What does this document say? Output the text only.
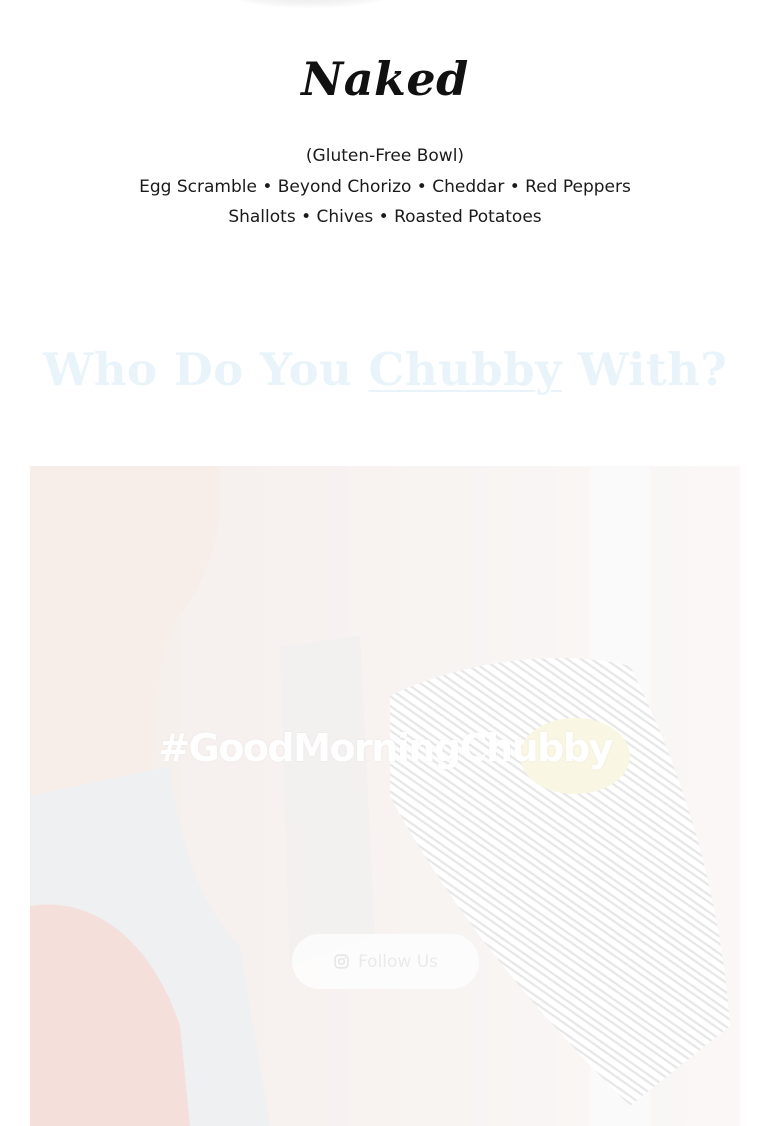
Naked
(Gluten-Free Bowl)
Egg Scramble • Beyond Chorizo • Cheddar • Red Peppers
Shallots • Chives • Roasted Potatoes
Who Do You Chubby With?
#GoodMorningChubby
Follow Us
